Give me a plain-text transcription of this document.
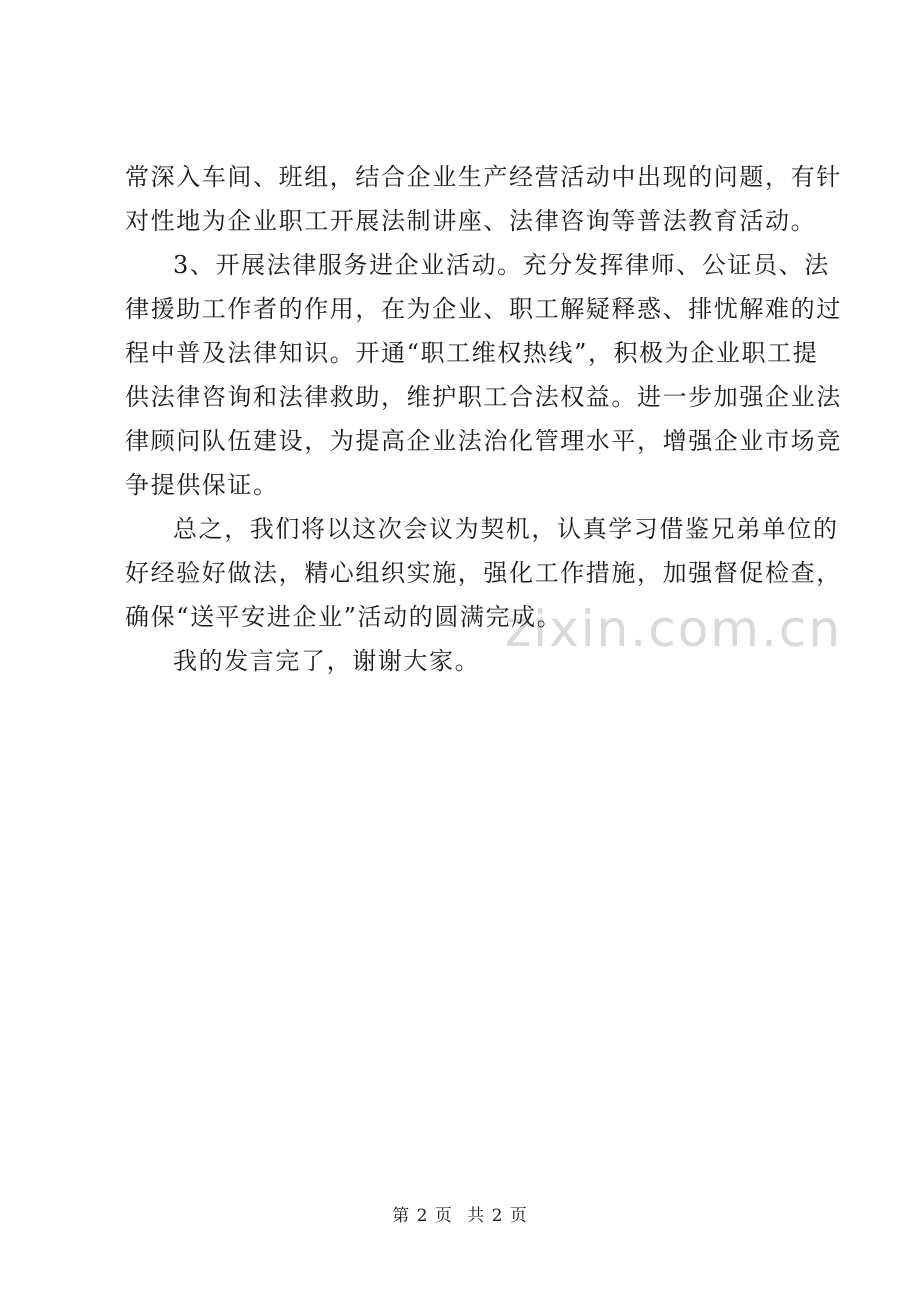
zixin.com.cn
常深入车间、班组，结合企业生产经营活动中出现的问题，有针
对性地为企业职工开展法制讲座、法律咨询等普法教育活动。
3、开展法律服务进企业活动。充分发挥律师、公证员、法
律援助工作者的作用，在为企业、职工解疑释惑、排忧解难的过
程中普及法律知识。开通“职工维权热线”，积极为企业职工提
供法律咨询和法律救助，维护职工合法权益。进一步加强企业法
律顾问队伍建设，为提高企业法治化管理水平，增强企业市场竞
争提供保证。
总之，我们将以这次会议为契机，认真学习借鉴兄弟单位的
好经验好做法，精心组织实施，强化工作措施，加强督促检查，
确保“送平安进企业”活动的圆满完成。
我的发言完了，谢谢大家。
第 2 页 共 2 页
